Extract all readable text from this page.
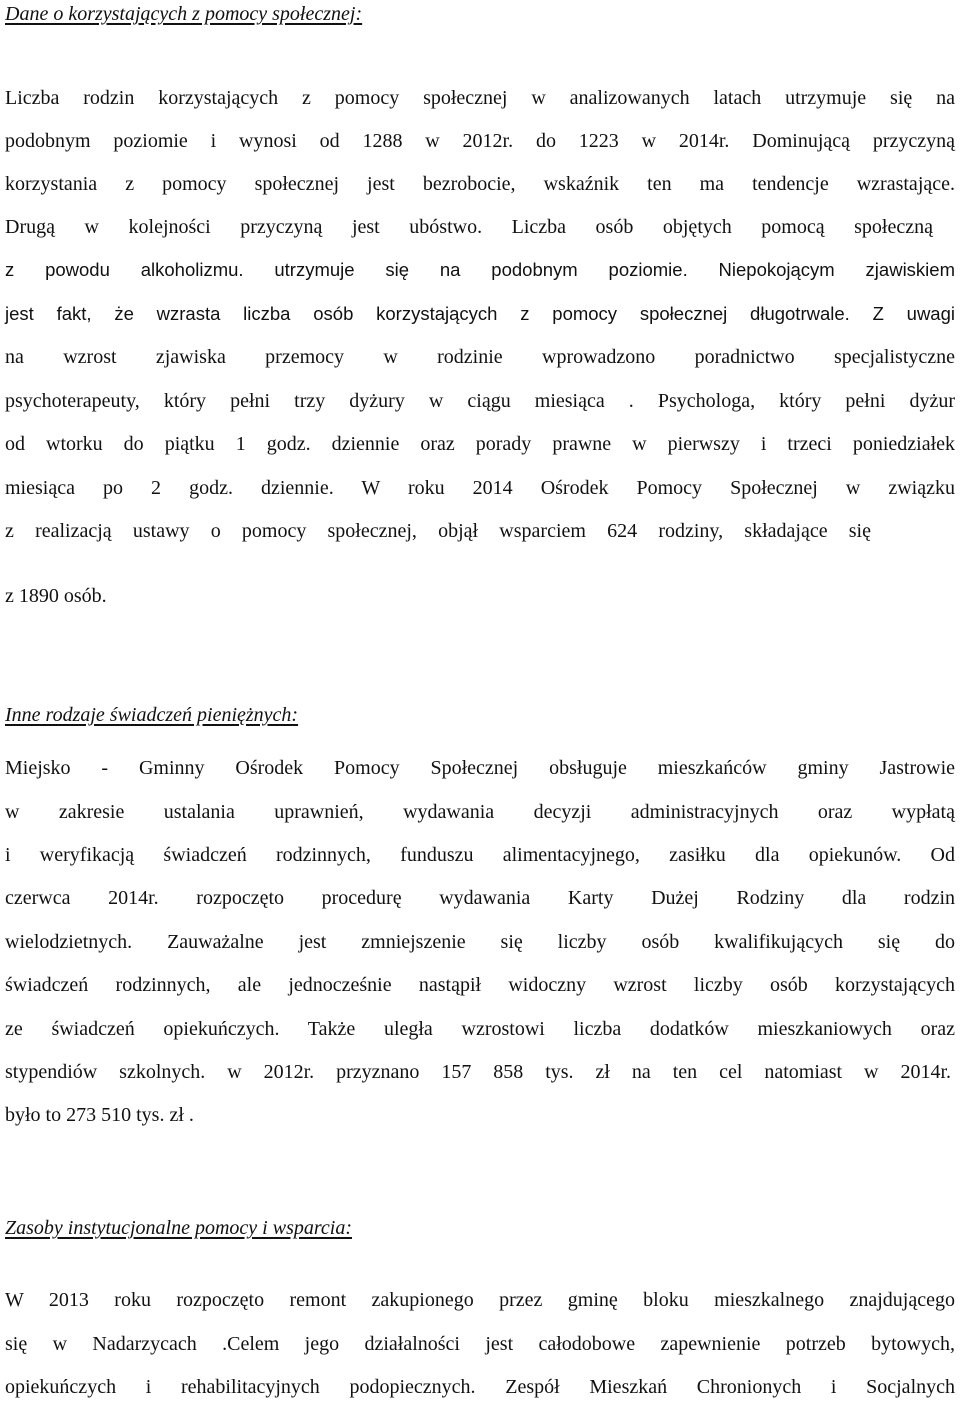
Dane o korzystających z pomocy społecznej:
Liczba rodzin korzystających z pomocy społecznej w analizowanych latach utrzymuje się na
podobnym poziomie i wynosi od 1288 w 2012r. do 1223 w 2014r. Dominującą przyczyną
korzystania z pomocy społecznej jest bezrobocie, wskaźnik ten ma tendencje wzrastające.
Drugą w kolejności przyczyną jest ubóstwo. Liczba osób objętych pomocą społeczną
z powodu alkoholizmu. utrzymuje się na podobnym poziomie. Niepokojącym zjawiskiem
jest fakt, że wzrasta liczba osób korzystających z pomocy społecznej długotrwale. Z uwagi
na wzrost zjawiska przemocy w rodzinie wprowadzono poradnictwo specjalistyczne
psychoterapeuty, który pełni trzy dyżury w ciągu miesiąca . Psychologa, który pełni dyżur
od wtorku do piątku 1 godz. dziennie oraz porady prawne w pierwszy i trzeci poniedziałek
miesiąca po 2 godz. dziennie. W roku 2014 Ośrodek Pomocy Społecznej w związku
z realizacją ustawy o pomocy społecznej, objął wsparciem 624 rodziny, składające się
z 1890 osób.
Inne rodzaje świadczeń pieniężnych:
Miejsko - Gminny Ośrodek Pomocy Społecznej obsługuje mieszkańców gminy Jastrowie
w zakresie ustalania uprawnień, wydawania decyzji administracyjnych oraz wypłatą
i weryfikacją świadczeń rodzinnych, funduszu alimentacyjnego, zasiłku dla opiekunów. Od
czerwca 2014r. rozpoczęto procedurę wydawania Karty Dużej Rodziny dla rodzin
wielodzietnych. Zauważalne jest zmniejszenie się liczby osób kwalifikujących się do
świadczeń rodzinnych, ale jednocześnie nastąpił widoczny wzrost liczby osób korzystających
ze świadczeń opiekuńczych. Także uległa wzrostowi liczba dodatków mieszkaniowych oraz
stypendiów szkolnych. w 2012r. przyznano 157 858 tys. zł na ten cel natomiast w 2014r.
było to 273 510 tys. zł .
Zasoby instytucjonalne pomocy i wsparcia:
W 2013 roku rozpoczęto remont zakupionego przez gminę bloku mieszkalnego znajdującego
się w Nadarzycach .Celem jego działalności jest całodobowe zapewnienie potrzeb bytowych,
opiekuńczych i rehabilitacyjnych podopiecznych. Zespół Mieszkań Chronionych i Socjalnych
